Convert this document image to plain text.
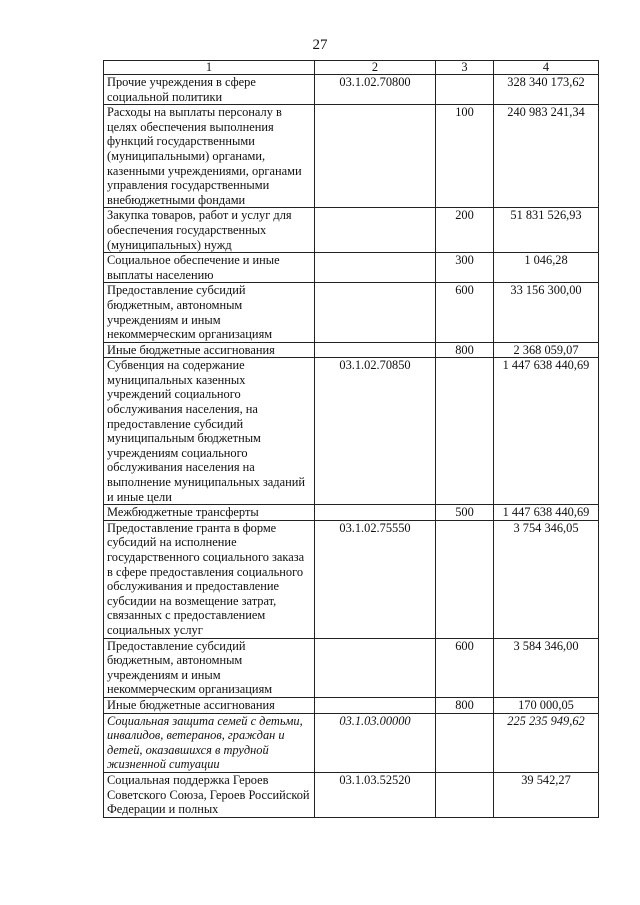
27
1	2	3	4
Прочие учреждения в сфере социальной политики	03.1.02.70800		328 340 173,62
Расходы на выплаты персоналу в целях обеспечения выполнения функций государственными (муниципальными) органами, казенными учреждениями, органами управления государственными внебюджетными фондами		100	240 983 241,34
Закупка товаров, работ и услуг для обеспечения государственных (муниципальных) нужд		200	51 831 526,93
Социальное обеспечение и иные выплаты населению		300	1 046,28
Предоставление субсидий бюджетным, автономным учреждениям и иным некоммерческим организациям		600	33 156 300,00
Иные бюджетные ассигнования		800	2 368 059,07
Субвенция на содержание муниципальных казенных учреждений социального обслуживания населения, на предоставление субсидий муниципальным бюджетным учреждениям социального обслуживания населения на выполнение муниципальных заданий и иные цели	03.1.02.70850		1 447 638 440,69
Межбюджетные трансферты		500	1 447 638 440,69
Предоставление гранта в форме субсидий на исполнение государственного социального заказа в сфере предоставления социального обслуживания и предоставление субсидии на возмещение затрат, связанных с предоставлением социальных услуг	03.1.02.75550		3 754 346,05
Предоставление субсидий бюджетным, автономным учреждениям и иным некоммерческим организациям		600	3 584 346,00
Иные бюджетные ассигнования		800	170 000,05
Социальная защита семей с детьми, инвалидов, ветеранов, граждан и детей, оказавшихся в трудной жизненной ситуации	03.1.03.00000		225 235 949,62
Социальная поддержка Героев Советского Союза, Героев Российской Федерации и полных	03.1.03.52520		39 542,27
